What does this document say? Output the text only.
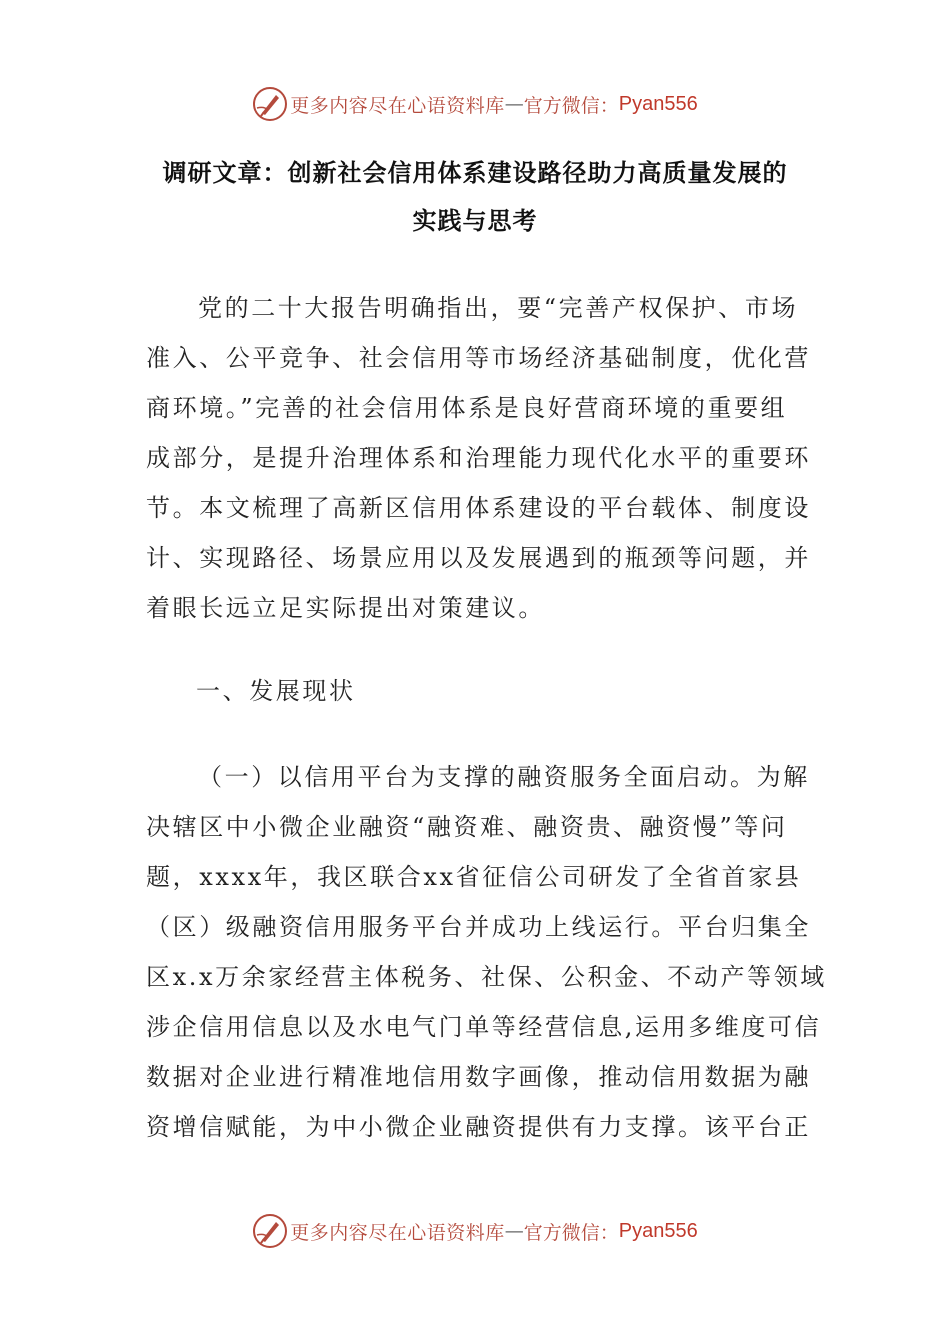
更多内容尽在心语资料库 — 官方微信： Pyan556
调研文章：创新社会信用体系建设路径助力高质量发展的
实践与思考
党的二十大报告明确指出，要“完善产权保护、市场
准入、公平竞争、社会信用等市场经济基础制度，优化营
商环境。”完善的社会信用体系是良好营商环境的重要组
成部分，是提升治理体系和治理能力现代化水平的重要环
节。本文梳理了高新区信用体系建设的平台载体、制度设
计、实现路径、场景应用以及发展遇到的瓶颈等问题，并
着眼长远立足实际提出对策建议。
一、发展现状
（一）以信用平台为支撑的融资服务全面启动。为解
决辖区中小微企业融资“融资难、融资贵、融资慢”等问
题，xxxx年，我区联合xx省征信公司研发了全省首家县
（区）级融资信用服务平台并成功上线运行。平台归集全
区x.x万余家经营主体税务、社保、公积金、不动产等领域
涉企信用信息以及水电气门单等经营信息,运用多维度可信
数据对企业进行精准地信用数字画像，推动信用数据为融
资增信赋能，为中小微企业融资提供有力支撑。该平台正
更多内容尽在心语资料库 — 官方微信： Pyan556
